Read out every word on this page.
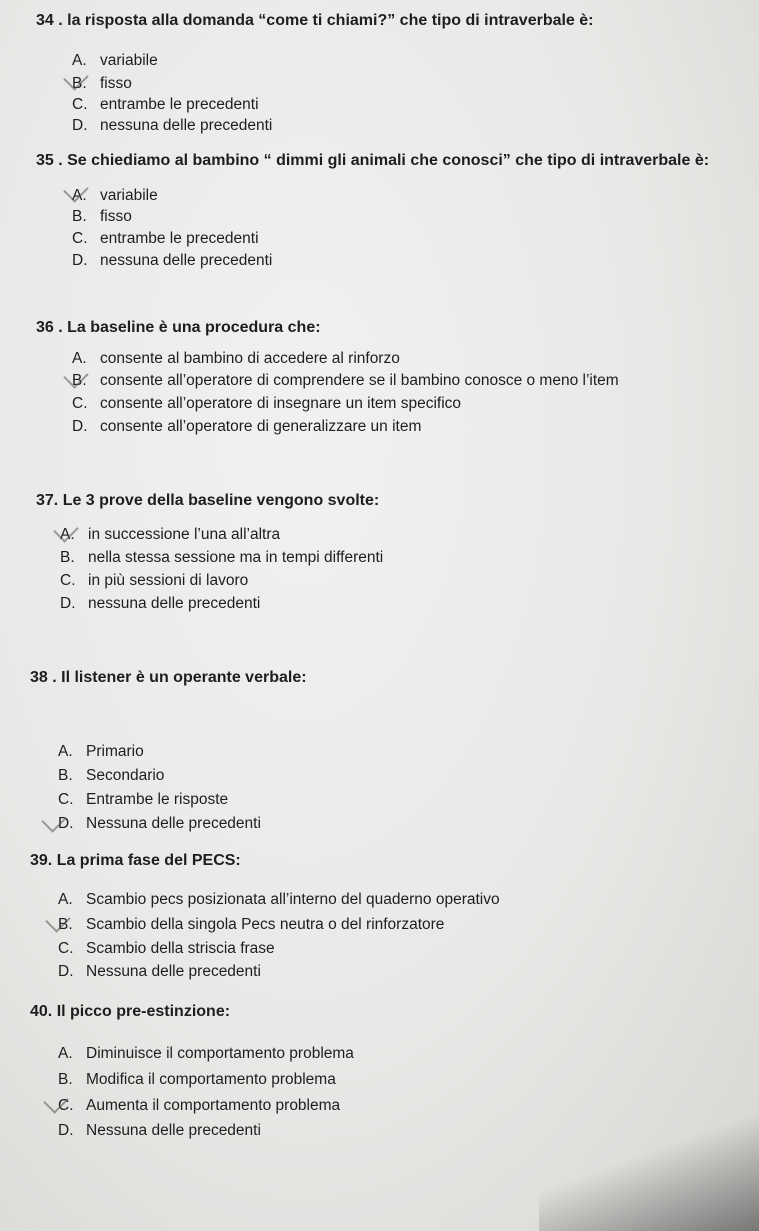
34 . la risposta alla domanda “come ti chiami?” che tipo di intraverbale è:
A. variabile
B. fisso
C. entrambe le precedenti
D. nessuna delle precedenti
35 . Se chiediamo al bambino “ dimmi gli animali che conosci” che tipo di intraverbale è:
A. variabile
B. fisso
C. entrambe le precedenti
D. nessuna delle precedenti
36 . La baseline è una procedura che:
A. consente al bambino di accedere al rinforzo
B. consente all’operatore di comprendere se il bambino conosce o meno l’item
C. consente all’operatore di insegnare un item specifico
D. consente all’operatore di generalizzare un item
37. Le 3 prove della baseline vengono svolte:
A. in successione l’una all’altra
B. nella stessa sessione ma in tempi differenti
C. in più sessioni di lavoro
D. nessuna delle precedenti
38 . Il listener è un operante verbale:
A. Primario
B. Secondario
C. Entrambe le risposte
D. Nessuna delle precedenti
39. La prima fase del PECS:
A. Scambio pecs posizionata all’interno del quaderno operativo
B. Scambio della singola Pecs neutra o del rinforzatore
C. Scambio della striscia frase
D. Nessuna delle precedenti
40. Il picco pre-estinzione:
A. Diminuisce il comportamento problema
B. Modifica il comportamento problema
C. Aumenta il comportamento problema
D. Nessuna delle precedenti
